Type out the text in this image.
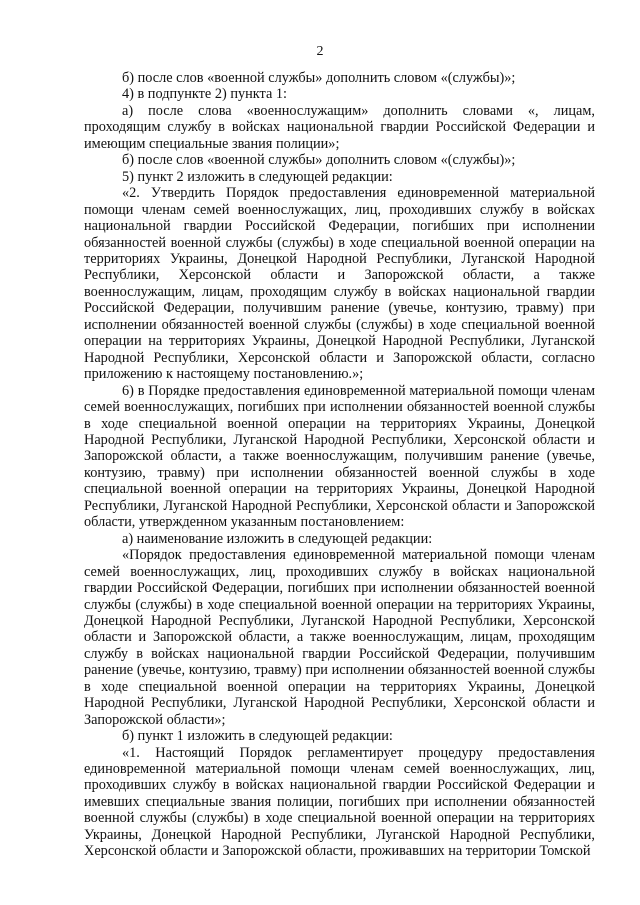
2

б) после слов «военной службы» дополнить словом «(службы)»;

4) в подпункте 2) пункта 1:

а) после слова «военнослужащим» дополнить словами «, лицам, проходящим службу в войсках национальной гвардии Российской Федерации и имеющим специальные звания полиции»;

б) после слов «военной службы» дополнить словом «(службы)»;

5) пункт 2 изложить в следующей редакции:

«2. Утвердить Порядок предоставления единовременной материальной помощи членам семей военнослужащих, лиц, проходивших службу в войсках национальной гвардии Российской Федерации, погибших при исполнении обязанностей военной службы (службы) в ходе специальной военной операции на территориях Украины, Донецкой Народной Республики, Луганской Народной Республики, Херсонской области и Запорожской области, а также военнослужащим, лицам, проходящим службу в войсках национальной гвардии Российской Федерации, получившим ранение (увечье, контузию, травму) при исполнении обязанностей военной службы (службы) в ходе специальной военной операции на территориях Украины, Донецкой Народной Республики, Луганской Народной Республики, Херсонской области и Запорожской области, согласно приложению к настоящему постановлению.»;

6) в Порядке предоставления единовременной материальной помощи членам семей военнослужащих, погибших при исполнении обязанностей военной службы в ходе специальной военной операции на территориях Украины, Донецкой Народной Республики, Луганской Народной Республики, Херсонской области и Запорожской области, а также военнослужащим, получившим ранение (увечье, контузию, травму) при исполнении обязанностей военной службы в ходе специальной военной операции на территориях Украины, Донецкой Народной Республики, Луганской Народной Республики, Херсонской области и Запорожской области, утвержденном указанным постановлением:

а) наименование изложить в следующей редакции:

«Порядок предоставления единовременной материальной помощи членам семей военнослужащих, лиц, проходивших службу в войсках национальной гвардии Российской Федерации, погибших при исполнении обязанностей военной службы (службы) в ходе специальной военной операции на территориях Украины, Донецкой Народной Республики, Луганской Народной Республики, Херсонской области и Запорожской области, а также военнослужащим, лицам, проходящим службу в войсках национальной гвардии Российской Федерации, получившим ранение (увечье, контузию, травму) при исполнении обязанностей военной службы в ходе специальной военной операции на территориях Украины, Донецкой Народной Республики, Луганской Народной Республики, Херсонской области и Запорожской области»;

б) пункт 1 изложить в следующей редакции:

«1. Настоящий Порядок регламентирует процедуру предоставления единовременной материальной помощи членам семей военнослужащих, лиц, проходивших службу в войсках национальной гвардии Российской Федерации и имевших специальные звания полиции, погибших при исполнении обязанностей военной службы (службы) в ходе специальной военной операции на территориях Украины, Донецкой Народной Республики, Луганской Народной Республики, Херсонской области и Запорожской области, проживавших на территории Томской
